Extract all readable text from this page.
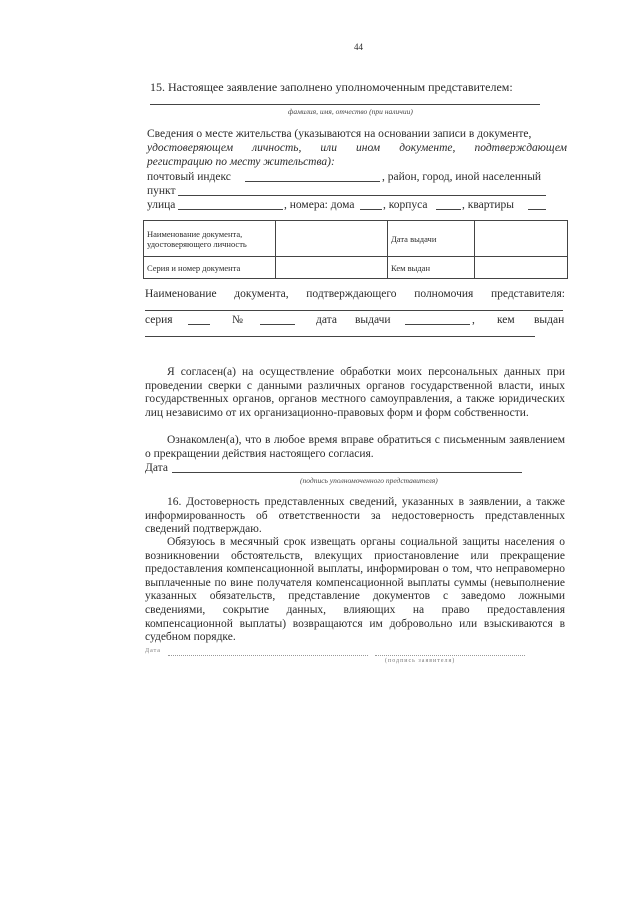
44
15. Настоящее заявление заполнено уполномоченным представителем:
фамилия, имя, отчество (при наличии)
Сведения о месте жительства (указываются на основании записи в документе,
удостоверяющем личность, или ином документе, подтверждающем
регистрацию по месту жительства):
почтовый индекс	, район, город, иной населенный
пункт
улица	, номера: дома , корпуса	, квартиры
Наименование документа, удостоверяющего личность		Дата выдачи	
Серия и номер документа		Кем выдан	
Наименование документа, подтверждающего полномочия представителя:
серия	№	дата выдачи	, кем выдан
Я согласен(а) на осуществление обработки моих персональных данных при проведении сверки с данными различных органов государственной власти, иных государственных органов, органов местного самоуправления, а также юридических лиц независимо от их организационно-правовых форм и форм собственности.
Ознакомлен(а), что в любое время вправе обратиться с письменным заявлением о прекращении действия настоящего согласия.
Дата
(подпись уполномоченного представителя)
16. Достоверность представленных сведений, указанных в заявлении, а также информированность об ответственности за недостоверность представленных сведений подтверждаю.
Обязуюсь в месячный срок извещать органы социальной защиты населения о возникновении обстоятельств, влекущих приостановление или прекращение предоставления компенсационной выплаты, информирован о том, что неправомерно выплаченные по вине получателя компенсационной выплаты суммы (невыполнение указанных обязательств, представление документов с заведомо ложными сведениями, сокрытие данных, влияющих на право предоставления компенсационной выплаты) возвращаются им добровольно или взыскиваются в судебном порядке.
Дата
(подпись заявителя)
